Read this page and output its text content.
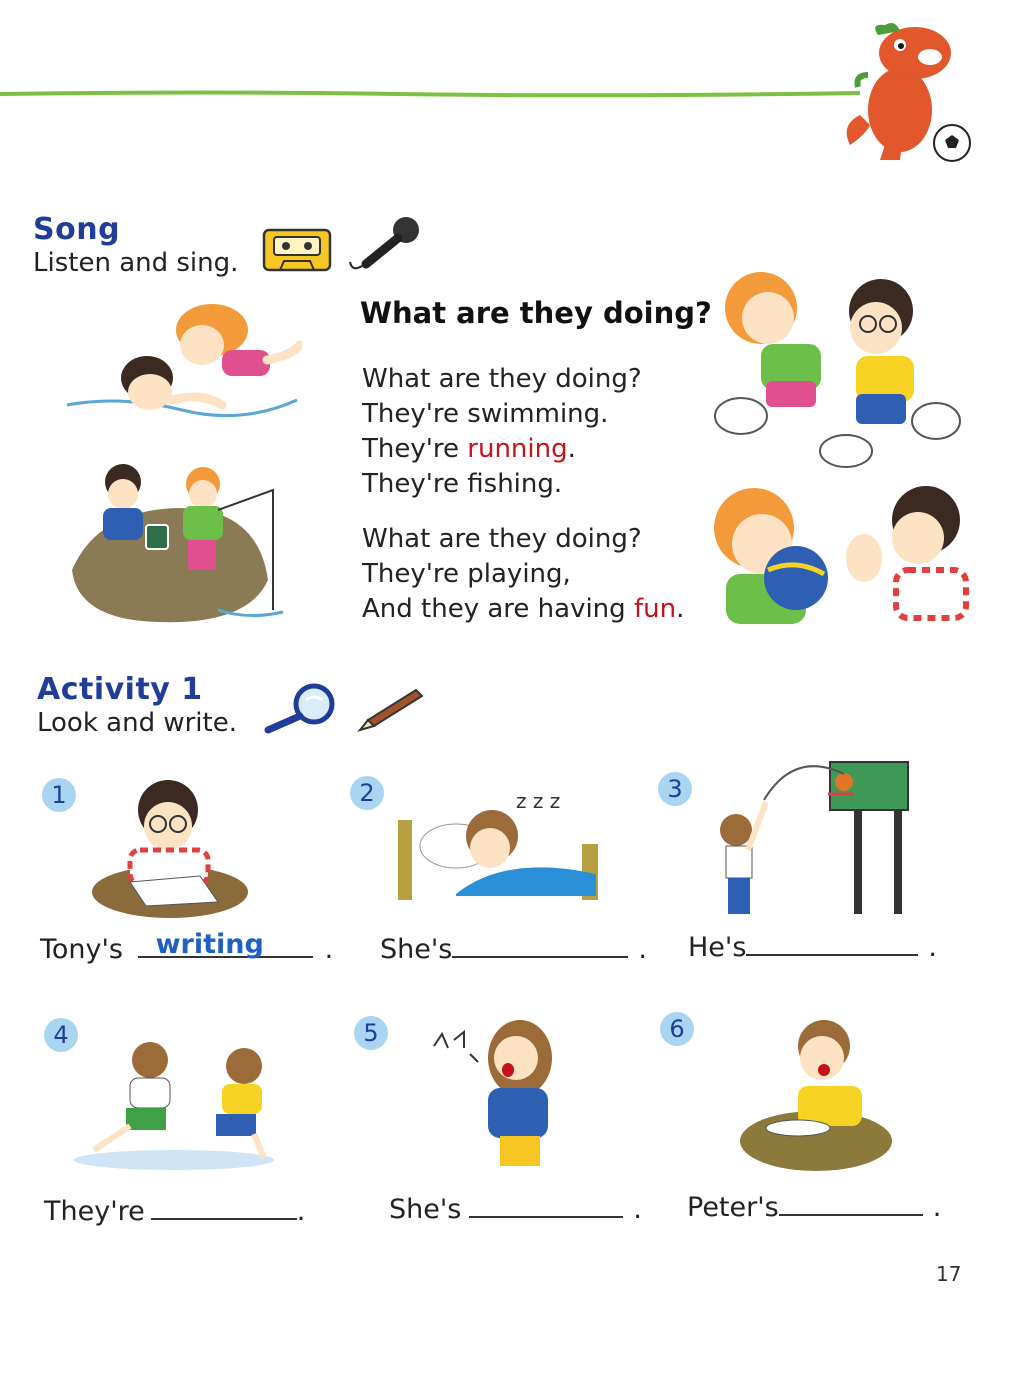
Song
Listen and sing.
What are they doing?
What are they doing?
They're swimming.
They're running.
They're fishing.
What are they doing?
They're playing,
And they are having fun.
Activity 1
Look and write.
1
Tony's writing .
2	z z z
She's	.
3
He's	.
4
They're	.
5
She's	.
6
Peter's	.
17
